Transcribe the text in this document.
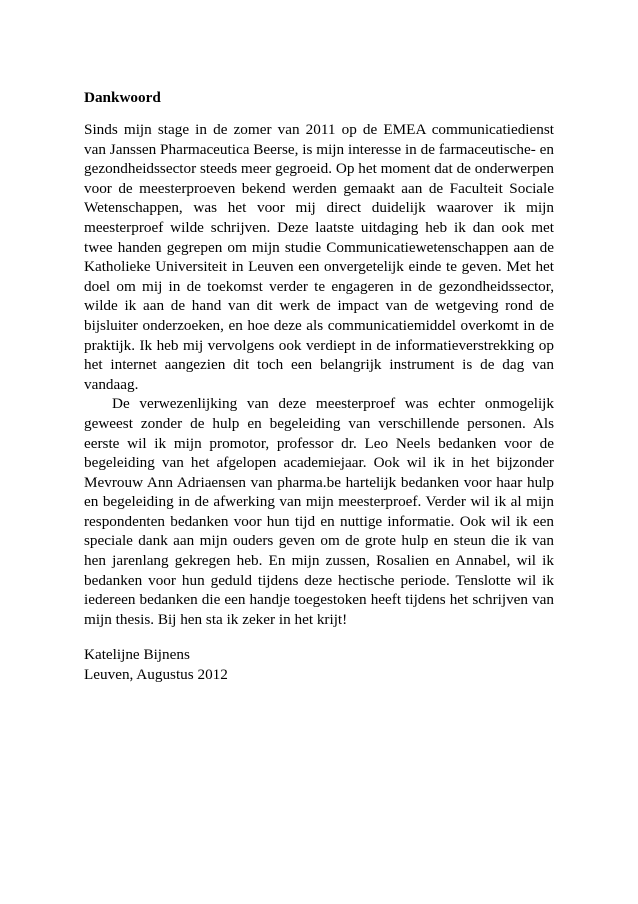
Dankwoord

Sinds mijn stage in de zomer van 2011 op de EMEA communicatiedienst van Janssen Pharmaceutica Beerse, is mijn interesse in de farmaceutische- en gezondheidssector steeds meer gegroeid. Op het moment dat de onderwerpen voor de meesterproeven bekend werden gemaakt aan de Faculteit Sociale Wetenschappen, was het voor mij direct duidelijk waarover ik mijn meesterproef wilde schrijven. Deze laatste uitdaging heb ik dan ook met twee handen gegrepen om mijn studie Communicatiewetenschappen aan de Katholieke Universiteit in Leuven een onvergetelijk einde te geven. Met het doel om mij in de toekomst verder te engageren in de gezondheidssector, wilde ik aan de hand van dit werk de impact van de wetgeving rond de bijsluiter onderzoeken, en hoe deze als communicatiemiddel overkomt in de praktijk. Ik heb mij vervolgens ook verdiept in de informatieverstrekking op het internet aangezien dit toch een belangrijk instrument is de dag van vandaag.

De verwezenlijking van deze meesterproef was echter onmogelijk geweest zonder de hulp en begeleiding van verschillende personen. Als eerste wil ik mijn promotor, professor dr. Leo Neels bedanken voor de begeleiding van het afgelopen academiejaar. Ook wil ik in het bijzonder Mevrouw Ann Adriaensen van pharma.be hartelijk bedanken voor haar hulp en begeleiding in de afwerking van mijn meesterproef. Verder wil ik al mijn respondenten bedanken voor hun tijd en nuttige informatie. Ook wil ik een speciale dank aan mijn ouders geven om de grote hulp en steun die ik van hen jarenlang gekregen heb. En mijn zussen, Rosalien en Annabel, wil ik bedanken voor hun geduld tijdens deze hectische periode. Tenslotte wil ik iedereen bedanken die een handje toegestoken heeft tijdens het schrijven van mijn thesis. Bij hen sta ik zeker in het krijt!

Katelijne Bijnens
Leuven, Augustus 2012
